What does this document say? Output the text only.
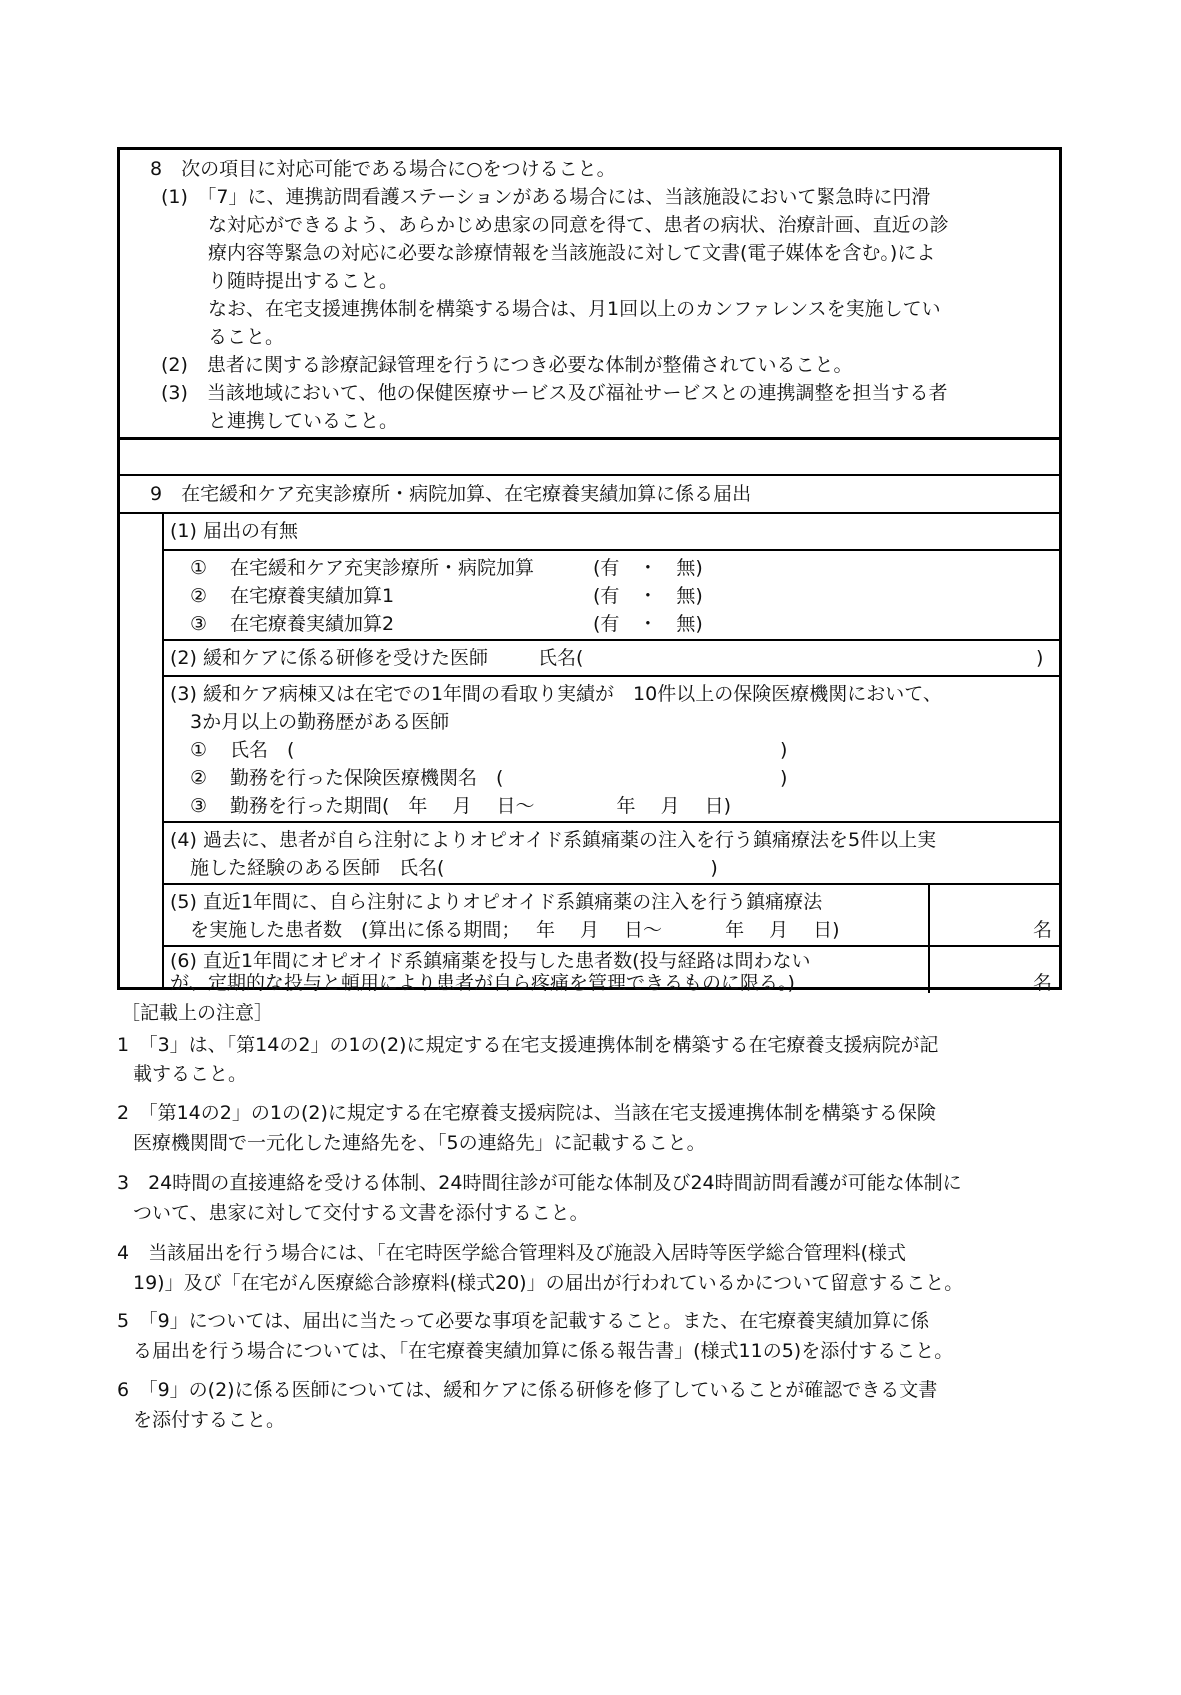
8　次の項目に対応可能である場合に○をつけること。
(1)　「7」に、連携訪問看護ステーションがある場合には、当該施設において緊急時に円滑
な対応ができるよう、あらかじめ患家の同意を得て、患者の病状、治療計画、直近の診
療内容等緊急の対応に必要な診療情報を当該施設に対して文書(電子媒体を含む。)によ
り随時提出すること。
なお、在宅支援連携体制を構築する場合は、月1回以上のカンファレンスを実施してい
ること。
(2)　患者に関する診療記録管理を行うにつき必要な体制が整備されていること。
(3)　当該地域において、他の保健医療サービス及び福祉サービスとの連携調整を担当する者
と連携していること。
9　在宅緩和ケア充実診療所・病院加算、在宅療養実績加算に係る届出
(1) 届出の有無
① 在宅緩和ケア充実診療所・病院加算	(有　・　無)
② 在宅療養実績加算1	(有　・　無)
③ 在宅療養実績加算2	(有　・　無)
(2) 緩和ケアに係る研修を受けた医師	氏名(	)
(3) 緩和ケア病棟又は在宅での1年間の看取り実績が　10件以上の保険医療機関において、
3か月以上の勤務歴がある医師
① 氏名　(	)
② 勤務を行った保険医療機関名　(	)
③ 勤務を行った期間(　年　 月　 日～　　　　 年　 月　 日)
(4) 過去に、患者が自ら注射によりオピオイド系鎮痛薬の注入を行う鎮痛療法を5件以上実
施した経験のある医師　氏名(　　　　　　　　　　　　　　)
(5) 直近1年間に、自ら注射によりオピオイド系鎮痛薬の注入を行う鎮痛療法
を実施した患者数　(算出に係る期間；　 年　 月　 日～　　　 年　 月　 日)	名
(6) 直近1年間にオピオイド系鎮痛薬を投与した患者数(投与経路は問わない
が、定期的な投与と頓用により患者が自ら疼痛を管理できるものに限る。)	名
［記載上の注意］
1　「3」は、「第14の2」の1の(2)に規定する在宅支援連携体制を構築する在宅療養支援病院が記
載すること。
2　「第14の2」の1の(2)に規定する在宅療養支援病院は、当該在宅支援連携体制を構築する保険
医療機関間で一元化した連絡先を、「5の連絡先」に記載すること。
3　24時間の直接連絡を受ける体制、24時間往診が可能な体制及び24時間訪問看護が可能な体制に
ついて、患家に対して交付する文書を添付すること。
4　当該届出を行う場合には、「在宅時医学総合管理料及び施設入居時等医学総合管理料(様式
19)」及び「在宅がん医療総合診療料(様式20)」の届出が行われているかについて留意すること。
5　「9」については、届出に当たって必要な事項を記載すること。また、在宅療養実績加算に係
る届出を行う場合については、「在宅療養実績加算に係る報告書」(様式11の5)を添付すること。
6　「9」の(2)に係る医師については、緩和ケアに係る研修を修了していることが確認できる文書
を添付すること。
